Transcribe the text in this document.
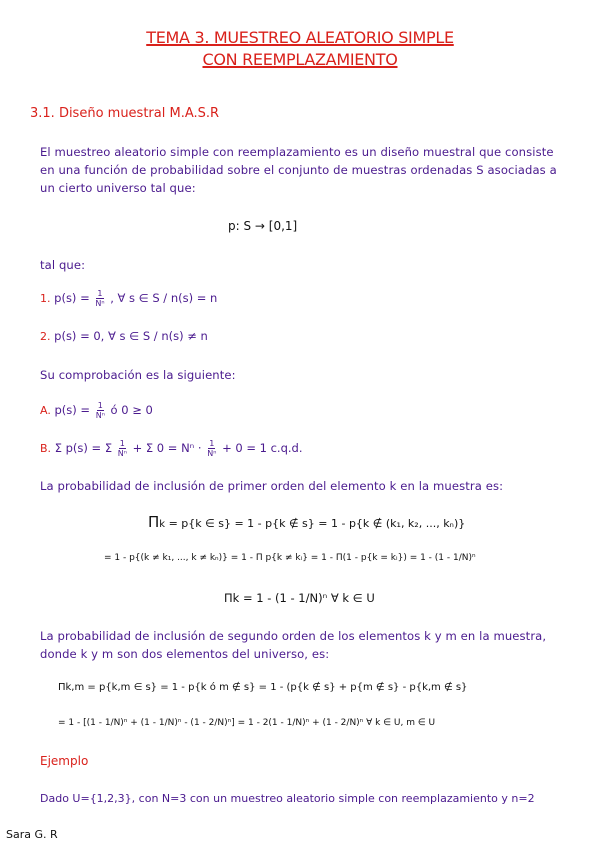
TEMA 3. MUESTREO ALEATORIO SIMPLE
CON REEMPLAZAMIENTO
3.1. Diseño muestral M.A.S.R
El muestreo aleatorio simple con reemplazamiento es un diseño muestral que consiste en una función de probabilidad sobre el conjunto de muestras ordenadas S asociadas a un cierto universo tal que:
p: S → [0,1]
tal que:
1. $p(s) = \frac{1}{\text{Nⁿ}}$ , ∀ s ∈ S / n(s) = n
2. p(s) = 0, ∀ s ∈ S / n(s) ≠ n
Su comprobación es la siguiente:
A. $p(s) = \frac{1}{\text{Nⁿ}}$ ó 0 ≥ 0
B. Σ p(s) = Σ $\frac{1}{\text{Nⁿ}} + \Sigma$ $0 = N^n \cdot \frac{1}{\text{Nⁿ}} + 0 = 1$ c.q.d.
La probabilidad de inclusión de primer orden del elemento k en la muestra es:
Πk = p{k ∈ s} = 1 - p{k ∉ s} = 1 - p{k ∉ (k₁, k₂, ..., kₙ)}
= 1 - p{(k ≠ k₁, ..., k ≠ kₙ)} = 1 - Π p{k ≠ kᵢ} = 1 - Π(1 - p{k = kᵢ}) = 1 - (1 - 1/N)ⁿ
Πk = 1 - (1 - 1/N)ⁿ ∀ k ∈ U
La probabilidad de inclusión de segundo orden de los elementos k y m en la muestra, donde k y m son dos elementos del universo, es:
Πk,m = p{k,m ∈ s} = 1 - p{k ó m ∉ s} = 1 - (p{k ∉ s} + p{m ∉ s} - p{k,m ∉ s}
= 1 - [(1 - 1/N)ⁿ + (1 - 1/N)ⁿ - (1 - 2/N)ⁿ] = 1 - 2(1 - 1/N)ⁿ + (1 - 2/N)ⁿ ∀ k ∈ U, m ∈ U
Ejemplo
Dado U={1,2,3}, con N=3 con un muestreo aleatorio simple con reemplazamiento y n=2
Sara G. R
